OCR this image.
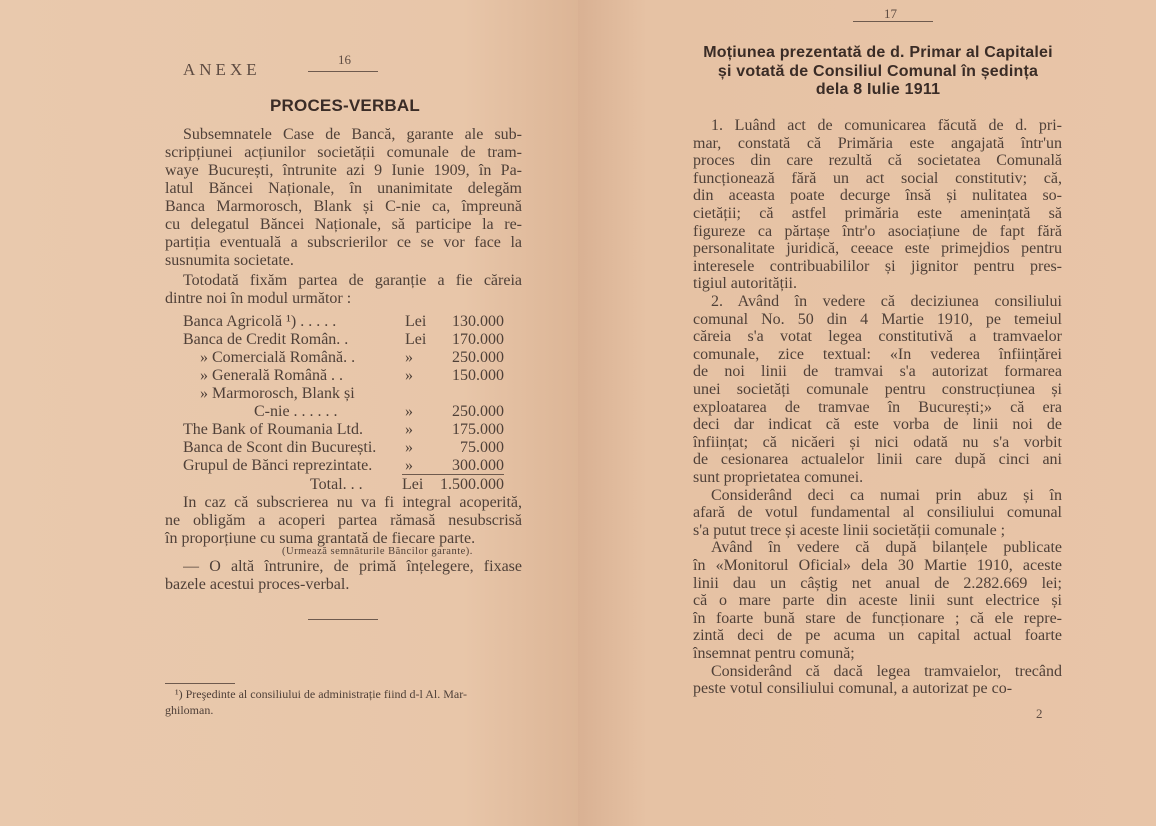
16
ANEXE
PROCES-VERBAL
Subsemnatele Case de Bancă, garante ale sub-
scripțiunei acțiunilor societății comunale de tram-
waye București, întrunite azi 9 Iunie 1909, în Pa-
latul Băncei Naționale, în unanimitate delegăm
Banca Marmorosch, Blank și C-nie ca, împreună
cu delegatul Băncei Naționale, să participe la re-
partiția eventuală a subscrierilor ce se vor face la
susnumita societate.
Totodată fixăm partea de garanție a fie căreia
dintre noi în modul următor :
Banca Agricolă ¹) . . . . .	Lei	130.000
Banca de Credit Român. .	Lei	170.000
» Comercială Română. .	»	250.000
» Generală Română . .	»	150.000
» Marmorosch, Blank și
C-nie . . . . . .	»	250.000
The Bank of Roumania Ltd.	»	175.000
Banca de Scont din București. »	75.000
Grupul de Bănci reprezintate. »	300.000
Total. . . Lei	1.500.000
In caz că subscrierea nu va fi integral acoperită,
ne obligăm a acoperi partea rămasă nesubscrisă
în proporțiune cu suma grantată de fiecare parte.
(Urmează semnăturile Băncilor garante).
— O altă întrunire, de primă înțelegere, fixase
bazele acestui proces-verbal.
¹) Preşedinte al consiliului de administrație fiind d-l Al. Mar-
ghiloman.
17
Moțiunea prezentată de d. Primar al Capitalei
și votată de Consiliul Comunal în ședința
dela 8 Iulie 1911
1. Luând act de comunicarea făcută de d. pri-
mar, constată că Primăria este angajată într'un
proces din care rezultă că societatea Comunală
funcționează fără un act social constitutiv; că,
din aceasta poate decurge însă și nulitatea so-
cietății; că astfel primăria este amenințată să
figureze ca părtașe într'o asociațiune de fapt fără
personalitate juridică, ceeace este primejdios pentru
interesele contribuabililor și jignitor pentru pres-
tigiul autorității.
2. Având în vedere că deciziunea consiliului
comunal No. 50 din 4 Martie 1910, pe temeiul
căreia s'a votat legea constitutivă a tramvaelor
comunale, zice textual: «In vederea înființărei
de noi linii de tramvai s'a autorizat formarea
unei societăți comunale pentru construcțiunea și
exploatarea de tramvae în București;» că era
deci dar indicat că este vorba de linii noi de
înființat; că nicăeri și nici odată nu s'a vorbit
de cesionarea actualelor linii care după cinci ani
sunt proprietatea comunei.
Considerând deci ca numai prin abuz și în
afară de votul fundamental al consiliului comunal
s'a putut trece și aceste linii societății comunale ;
Având în vedere că după bilanțele publicate
în «Monitorul Oficial» dela 30 Martie 1910, aceste
linii dau un câștig net anual de 2.282.669 lei;
că o mare parte din aceste linii sunt electrice și
în foarte bună stare de funcționare ; că ele repre-
zintă deci de pe acuma un capital actual foarte
însemnat pentru comună;
Considerând că dacă legea tramvaielor, trecând
peste votul consiliului comunal, a autorizat pe co-
2
